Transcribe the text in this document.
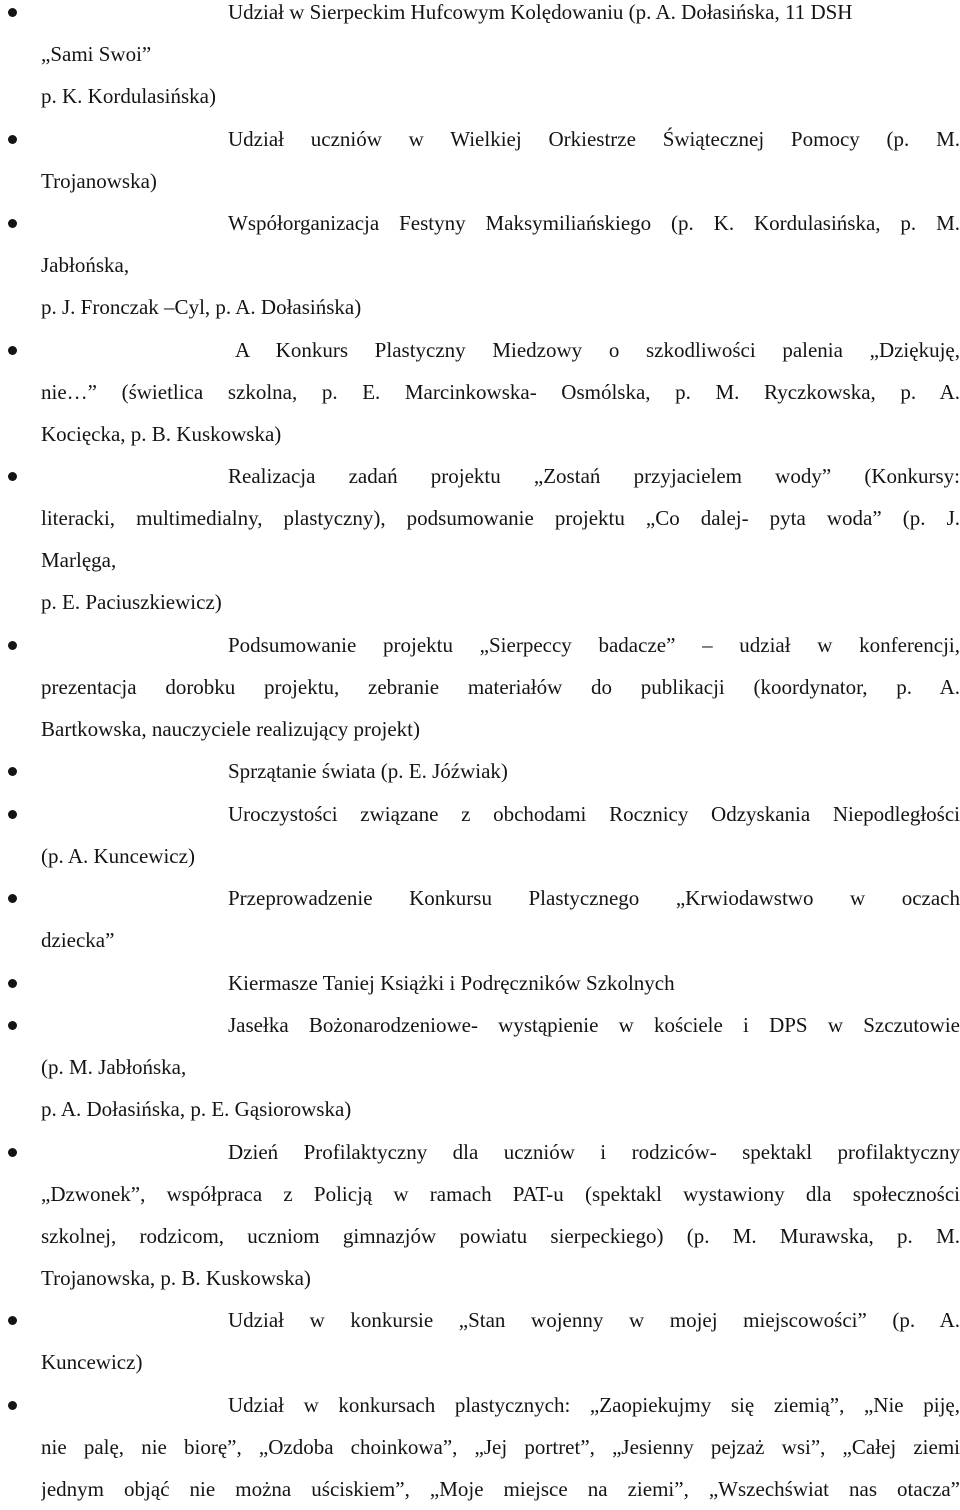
Udział w Sierpeckim Hufcowym Kolędowaniu (p. A. Dołasińska, 11 DSH
„Sami Swoi”
p. K. Kordulasińska)
Udział uczniów w Wielkiej Orkiestrze Świątecznej Pomocy (p. M.
Trojanowska)
Współorganizacja Festyny Maksymiliańskiego (p. K. Kordulasińska, p. M.
Jabłońska,
p. J. Fronczak –Cyl, p. A. Dołasińska)
A Konkurs Plastyczny Miedzowy o szkodliwości palenia „Dziękuję,
nie…” (świetlica szkolna, p. E. Marcinkowska- Osmólska, p. M. Ryczkowska, p. A.
Kocięcka, p. B. Kuskowska)
Realizacja zadań projektu „Zostań przyjacielem wody” (Konkursy:
literacki, multimedialny, plastyczny), podsumowanie projektu „Co dalej- pyta woda” (p. J.
Marlęga,
p. E. Paciuszkiewicz)
Podsumowanie projektu „Sierpeccy badacze” – udział w konferencji,
prezentacja dorobku projektu, zebranie materiałów do publikacji (koordynator, p. A.
Bartkowska, nauczyciele realizujący projekt)
Sprzątanie świata (p. E. Jóźwiak)
Uroczystości związane z obchodami Rocznicy Odzyskania Niepodległości
(p. A. Kuncewicz)
Przeprowadzenie Konkursu Plastycznego „Krwiodawstwo w oczach
dziecka”
Kiermasze Taniej Książki i Podręczników Szkolnych
Jasełka Bożonarodzeniowe- wystąpienie w kościele i DPS w Szczutowie
(p. M. Jabłońska,
p. A. Dołasińska, p. E. Gąsiorowska)
Dzień Profilaktyczny dla uczniów i rodziców- spektakl profilaktyczny
„Dzwonek”, współpraca z Policją w ramach PAT-u (spektakl wystawiony dla społeczności
szkolnej, rodzicom, uczniom gimnazjów powiatu sierpeckiego) (p. M. Murawska, p. M.
Trojanowska, p. B. Kuskowska)
Udział w konkursie „Stan wojenny w mojej miejscowości” (p. A.
Kuncewicz)
Udział w konkursach plastycznych: „Zaopiekujmy się ziemią”, „Nie piję,
nie palę, nie biorę”, „Ozdoba choinkowa”, „Jej portret”, „Jesienny pejzaż wsi”, „Całej ziemi
jednym objąć nie można uściskiem”, „Moje miejsce na ziemi”, „Wszechświat nas otacza”
